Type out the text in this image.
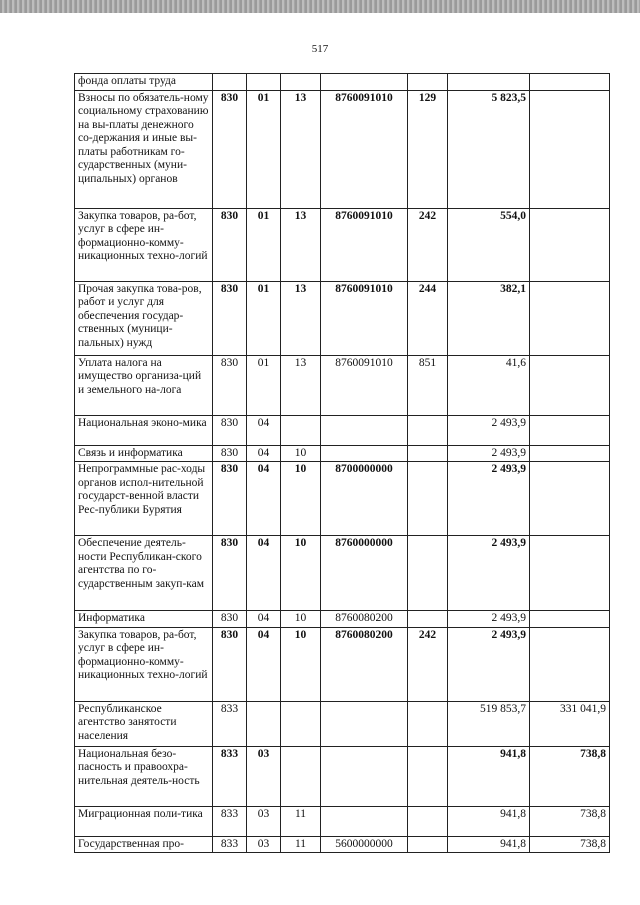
517
фонда оплаты труда							
Взносы по обязатель-ному социальному страхованию на вы-платы денежного со-держания и иные вы-платы работникам го-сударственных (муни-ципальных) органов	830	01	13	8760091010	129	5 823,5	
Закупка товаров, ра-бот, услуг в сфере ин-формационно-комму-никационных техно-логий	830	01	13	8760091010	242	554,0	
Прочая закупка това-ров, работ и услуг для обеспечения государ-ственных (муници-пальных) нужд	830	01	13	8760091010	244	382,1	
Уплата налога на имущество организа-ций и земельного на-лога	830	01	13	8760091010	851	41,6	
Национальная эконо-мика	830	04				2 493,9	
Связь и информатика	830	04	10			2 493,9	
Непрограммные рас-ходы органов испол-нительной государст-венной власти Рес-публики Бурятия	830	04	10	8700000000		2 493,9	
Обеспечение деятель-ности Республикан-ского агентства по го-сударственным закуп-кам	830	04	10	8760000000		2 493,9	
Информатика	830	04	10	8760080200		2 493,9	
Закупка товаров, ра-бот, услуг в сфере ин-формационно-комму-никационных техно-логий	830	04	10	8760080200	242	2 493,9	
Республиканское агентство занятости населения	833					519 853,7	331 041,9
Национальная безо-пасность и правоохра-нительная деятель-ность	833	03				941,8	738,8
Миграционная поли-тика	833	03	11			941,8	738,8
Государственная про-	833	03	11	5600000000		941,8	738,8
